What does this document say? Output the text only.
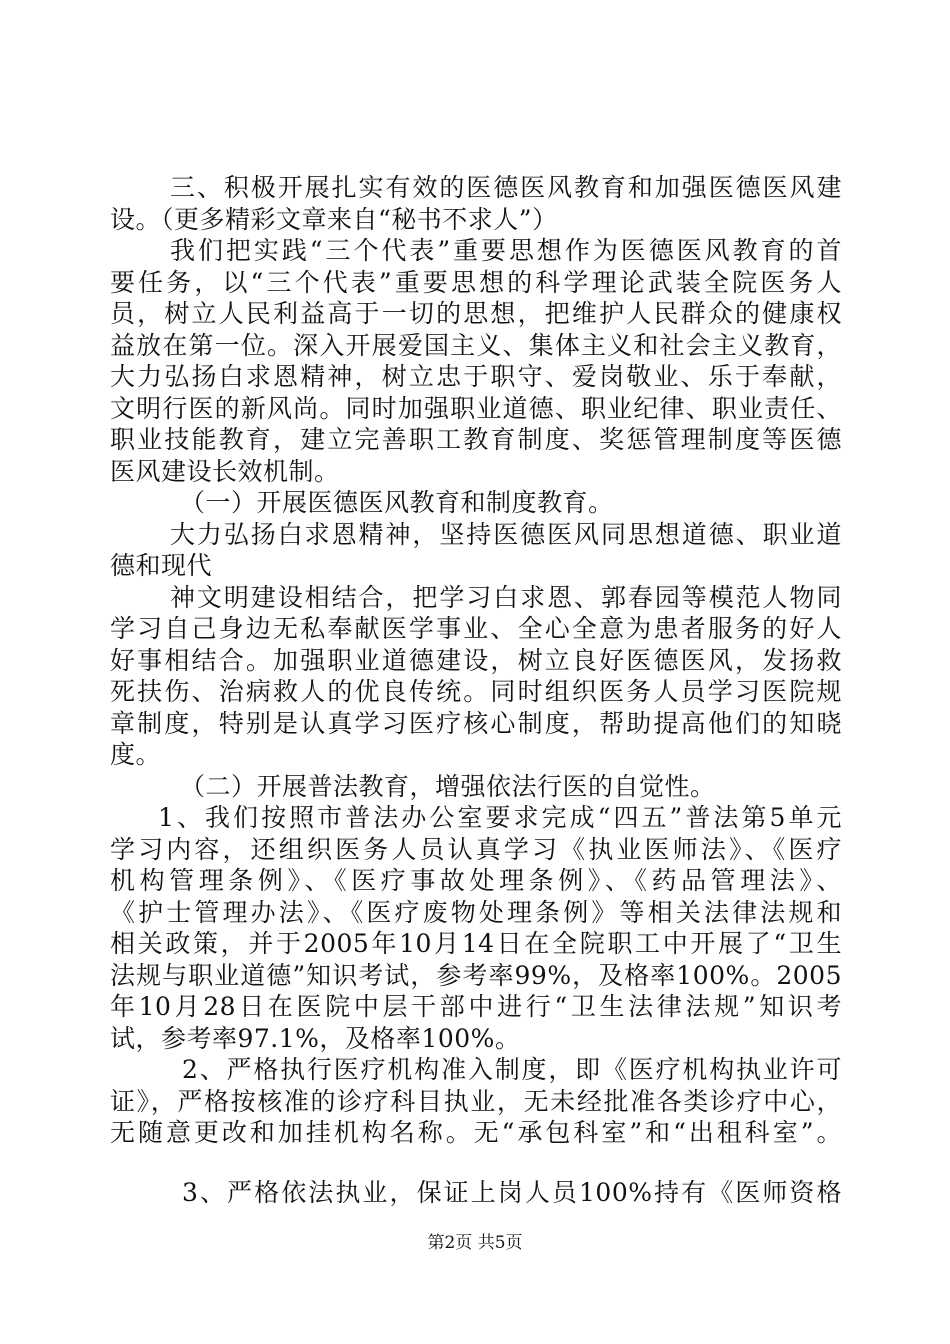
三、积极开展扎实有效的医德医风教育和加强医德医风建
设。（更多精彩文章来自“秘书不求人”）
我们把实践“三个代表”重要思想作为医德医风教育的首
要任务，以“三个代表”重要思想的科学理论武装全院医务人
员，树立人民利益高于一切的思想，把维护人民群众的健康权
益放在第一位。深入开展爱国主义、集体主义和社会主义教育，
大力弘扬白求恩精神，树立忠于职守、爱岗敬业、乐于奉献，
文明行医的新风尚。同时加强职业道德、职业纪律、职业责任、
职业技能教育，建立完善职工教育制度、奖惩管理制度等医德
医风建设长效机制。
（一）开展医德医风教育和制度教育。
大力弘扬白求恩精神，坚持医德医风同思想道德、职业道
德和现代
神文明建设相结合，把学习白求恩、郭春园等模范人物同
学习自己身边无私奉献医学事业、全心全意为患者服务的好人
好事相结合。加强职业道德建设，树立良好医德医风，发扬救
死扶伤、治病救人的优良传统。同时组织医务人员学习医院规
章制度，特别是认真学习医疗核心制度，帮助提高他们的知晓
度。
（二）开展普法教育，增强依法行医的自觉性。
1、我们按照市普法办公室要求完成“四五”普法第5单元
学习内容，还组织医务人员认真学习《执业医师法》、《医疗
机构管理条例》、《医疗事故处理条例》、《药品管理法》、
《护士管理办法》、《医疗废物处理条例》等相关法律法规和
相关政策，并于2005年10月14日在全院职工中开展了“卫生
法规与职业道德”知识考试，参考率99%，及格率100%。2005
年10月28日在医院中层干部中进行“卫生法律法规”知识考
试，参考率97.1%，及格率100%。
2、严格执行医疗机构准入制度，即《医疗机构执业许可
证》，严格按核准的诊疗科目执业，无未经批准各类诊疗中心，
无随意更改和加挂机构名称。无“承包科室”和“出租科室”。
3、严格依法执业，保证上岗人员100%持有《医师资格
第2页 共5页
